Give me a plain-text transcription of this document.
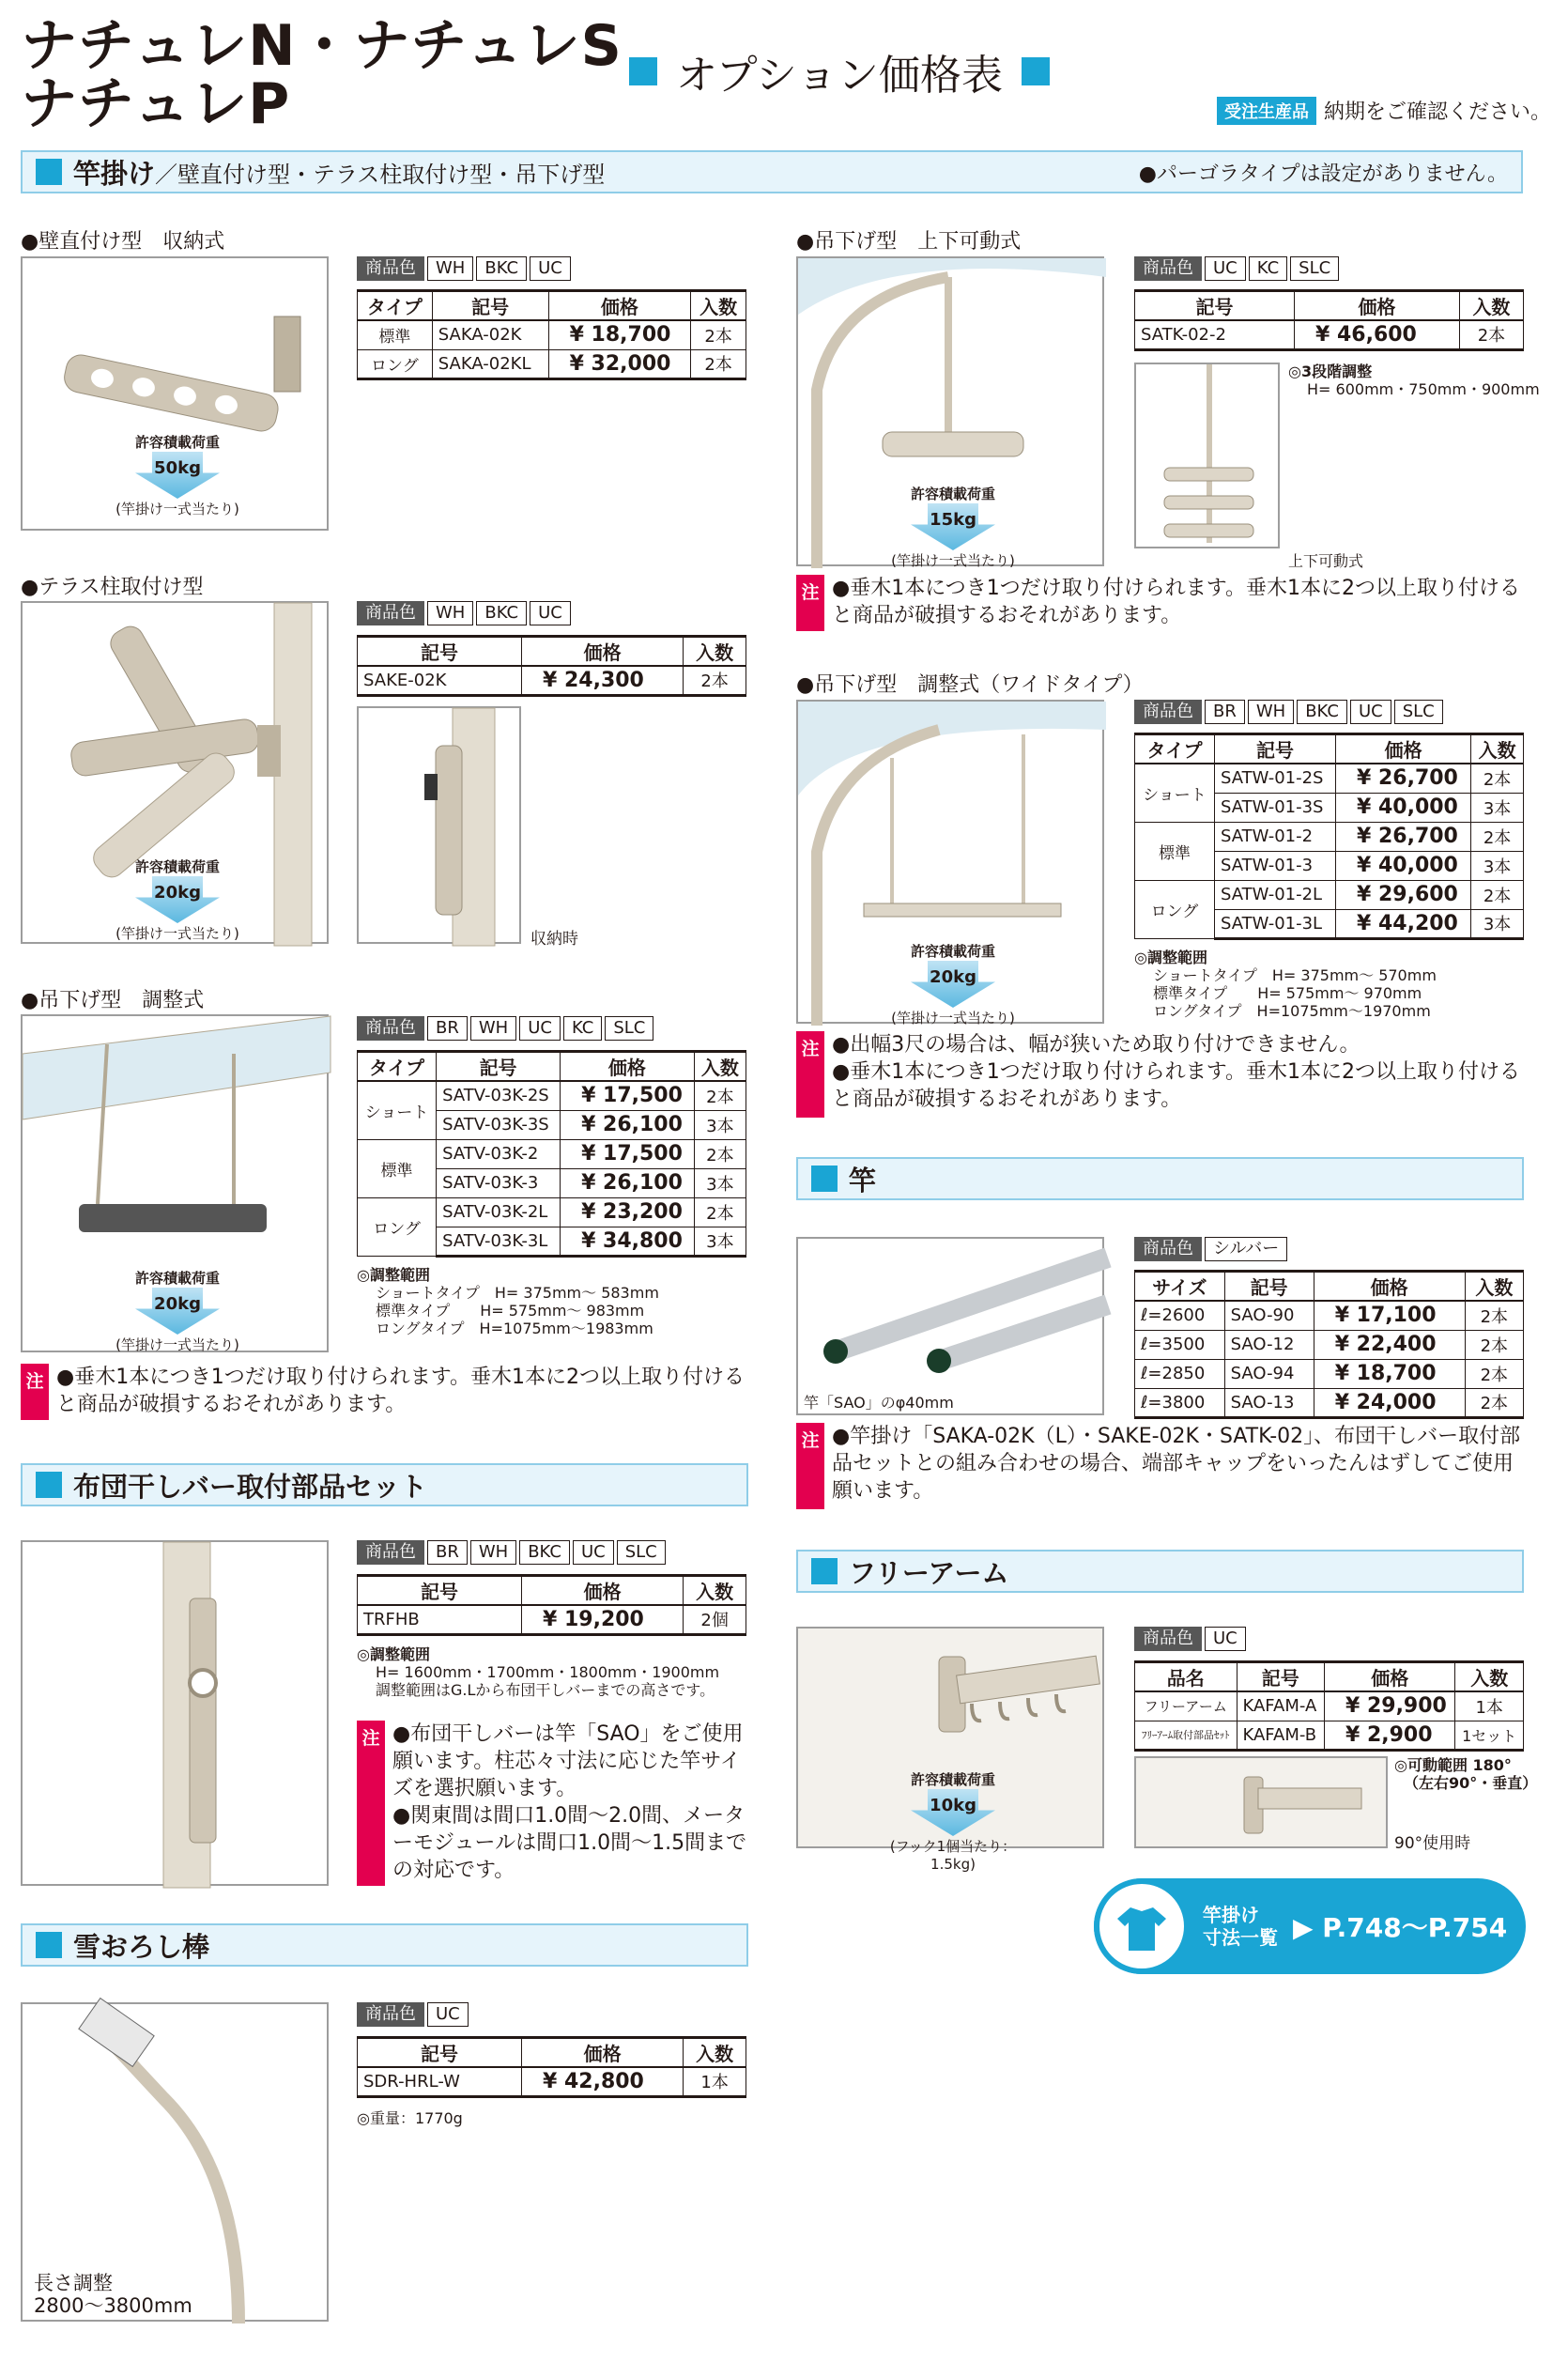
ナチュレN・ナチュレS
ナチュレP	オプション価格表
受注生産品 納期をご確認ください。
竿掛け ／壁直付け型・テラス柱取付け型・吊下げ型	●パーゴラタイプは設定がありません。
●壁直付け型　収納式
許容積載荷重
50kg
(竿掛け一式当たり)
商品色	WH	BKC	UC
タイプ	記号	価格	入数
標準	SAKA-02K	¥ 18,700	2本
ロング	SAKA-02KL	¥ 32,000	2本
●テラス柱取付け型
許容積載荷重
20kg
(竿掛け一式当たり)
商品色	WH	BKC	UC
記号	価格	入数
SAKE-02K	¥ 24,300	2本
収納時
●吊下げ型　調整式
許容積載荷重
20kg
(竿掛け一式当たり)
商品色	BR	WH	UC	KC	SLC
タイプ	記号	価格	入数
ショート	SATV-03K-2S	¥ 17,500	2本
	SATV-03K-3S	¥ 26,100	3本
標準	SATV-03K-2	¥ 17,500	2本
	SATV-03K-3	¥ 26,100	3本
ロング	SATV-03K-2L	¥ 23,200	2本
	SATV-03K-3L	¥ 34,800	3本
◎調整範囲
ショートタイプ　H= 375mm～ 583mm
標準タイプ　　H= 575mm～ 983mm
ロングタイプ　H=1075mm～1983mm
注 ●垂木1本につき1つだけ取り付けられます。垂木1本に2つ以上取り付けると商品が破損するおそれがあります。
布団干しバー取付部品セット
商品色	BR	WH	BKC	UC	SLC
記号	価格	入数
TRFHB	¥ 19,200	2個
◎調整範囲
H= 1600mm・1700mm・1800mm・1900mm
調整範囲はG.Lから布団干しバーまでの高さです。
注 ●布団干しバーは竿「SAO」をご使用願います。柱芯々寸法に応じた竿サイズを選択願います。
●関東間は間口1.0間～2.0間、メーターモジュールは間口1.0間～1.5間までの対応です。
雪おろし棒
長さ調整
2800～3800mm
商品色	UC
記号	価格	入数
SDR-HRL-W	¥ 42,800	1本
◎重量：1770g
●吊下げ型　上下可動式
許容積載荷重
15kg
(竿掛け一式当たり)
商品色	UC	KC	SLC
記号	価格	入数
SATK-02-2	¥ 46,600	2本
◎3段階調整
H= 600mm・750mm・900mm
上下可動式
注 ●垂木1本につき1つだけ取り付けられます。垂木1本に2つ以上取り付けると商品が破損するおそれがあります。
●吊下げ型　調整式（ワイドタイプ）
許容積載荷重
20kg
(竿掛け一式当たり)
商品色	BR	WH	BKC	UC	SLC
タイプ	記号	価格	入数
ショート	SATW-01-2S	¥ 26,700	2本
	SATW-01-3S	¥ 40,000	3本
標準	SATW-01-2	¥ 26,700	2本
	SATW-01-3	¥ 40,000	3本
ロング	SATW-01-2L	¥ 29,600	2本
	SATW-01-3L	¥ 44,200	3本
◎調整範囲
ショートタイプ　H= 375mm～ 570mm
標準タイプ　　H= 575mm～ 970mm
ロングタイプ　H=1075mm～1970mm
注 ●出幅3尺の場合は、幅が狭いため取り付けできません。
●垂木1本につき1つだけ取り付けられます。垂木1本に2つ以上取り付けると商品が破損するおそれがあります。
竿
竿「SAO」のφ40mm
商品色	シルバー
サイズ	記号	価格	入数
ℓ=2600	SAO-90	¥ 17,100	2本
ℓ=3500	SAO-12	¥ 22,400	2本
ℓ=2850	SAO-94	¥ 18,700	2本
ℓ=3800	SAO-13	¥ 24,000	2本
注 ●竿掛け「SAKA-02K（L）・SAKE-02K・SATK-02」、布団干しバー取付部品セットとの組み合わせの場合、端部キャップをいったんはずしてご使用願います。
フリーアーム
許容積載荷重
10kg
(フック1個当たり：1.5kg)
商品色	UC
品名	記号	価格	入数
フリーアーム	KAFAM-A	¥ 29,900	1本
ﾌﾘｰｱｰﾑ取付部品ｾｯﾄ	KAFAM-B	¥ 2,900	1セット
◎可動範囲 180°
（左右90°・垂直）
90°使用時
竿掛け
寸法一覧 ▶ P.748～P.754
